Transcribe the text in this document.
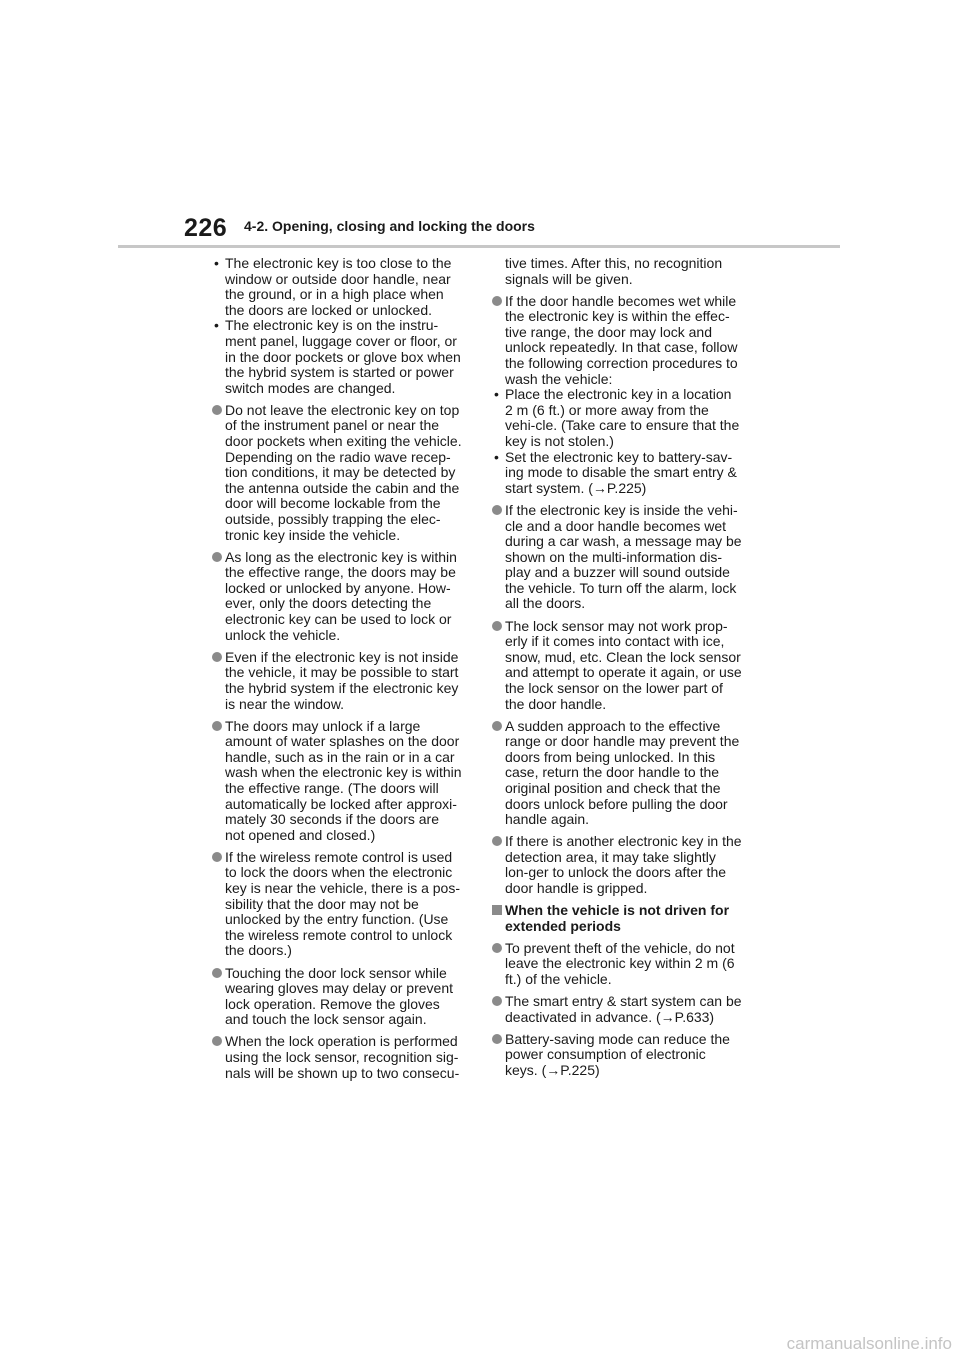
226 4-2. Opening, closing and locking the doors
• The electronic key is too close to the window or outside door handle, near the ground, or in a high place when the doors are locked or unlocked.
• The electronic key is on the instru-ment panel, luggage cover or floor, or in the door pockets or glove box when the hybrid system is started or power switch modes are changed.
Do not leave the electronic key on top of the instrument panel or near the door pockets when exiting the vehicle. Depending on the radio wave recep-tion conditions, it may be detected by the antenna outside the cabin and the door will become lockable from the outside, possibly trapping the elec-tronic key inside the vehicle.
As long as the electronic key is within the effective range, the doors may be locked or unlocked by anyone. How-ever, only the doors detecting the electronic key can be used to lock or unlock the vehicle.
Even if the electronic key is not inside the vehicle, it may be possible to start the hybrid system if the electronic key is near the window.
The doors may unlock if a large amount of water splashes on the door handle, such as in the rain or in a car wash when the electronic key is within the effective range. (The doors will automatically be locked after approxi-mately 30 seconds if the doors are not opened and closed.)
If the wireless remote control is used to lock the doors when the electronic key is near the vehicle, there is a pos-sibility that the door may not be unlocked by the entry function. (Use the wireless remote control to unlock the doors.)
Touching the door lock sensor while wearing gloves may delay or prevent lock operation. Remove the gloves and touch the lock sensor again.
When the lock operation is performed using the lock sensor, recognition sig-nals will be shown up to two consecu-
tive times. After this, no recognition signals will be given.
If the door handle becomes wet while the electronic key is within the effec-tive range, the door may lock and unlock repeatedly. In that case, follow the following correction procedures to wash the vehicle:
• Place the electronic key in a location 2 m (6 ft.) or more away from the vehi-cle. (Take care to ensure that the key is not stolen.)
• Set the electronic key to battery-sav-ing mode to disable the smart entry & start system. (→P.225)
If the electronic key is inside the vehi-cle and a door handle becomes wet during a car wash, a message may be shown on the multi-information dis-play and a buzzer will sound outside the vehicle. To turn off the alarm, lock all the doors.
The lock sensor may not work prop-erly if it comes into contact with ice, snow, mud, etc. Clean the lock sensor and attempt to operate it again, or use the lock sensor on the lower part of the door handle.
A sudden approach to the effective range or door handle may prevent the doors from being unlocked. In this case, return the door handle to the original position and check that the doors unlock before pulling the door handle again.
If there is another electronic key in the detection area, it may take slightly lon-ger to unlock the doors after the door handle is gripped.
When the vehicle is not driven for extended periods
To prevent theft of the vehicle, do not leave the electronic key within 2 m (6 ft.) of the vehicle.
The smart entry & start system can be deactivated in advance. (→P.633)
Battery-saving mode can reduce the power consumption of electronic keys. (→P.225)
carmanualsonline.info
